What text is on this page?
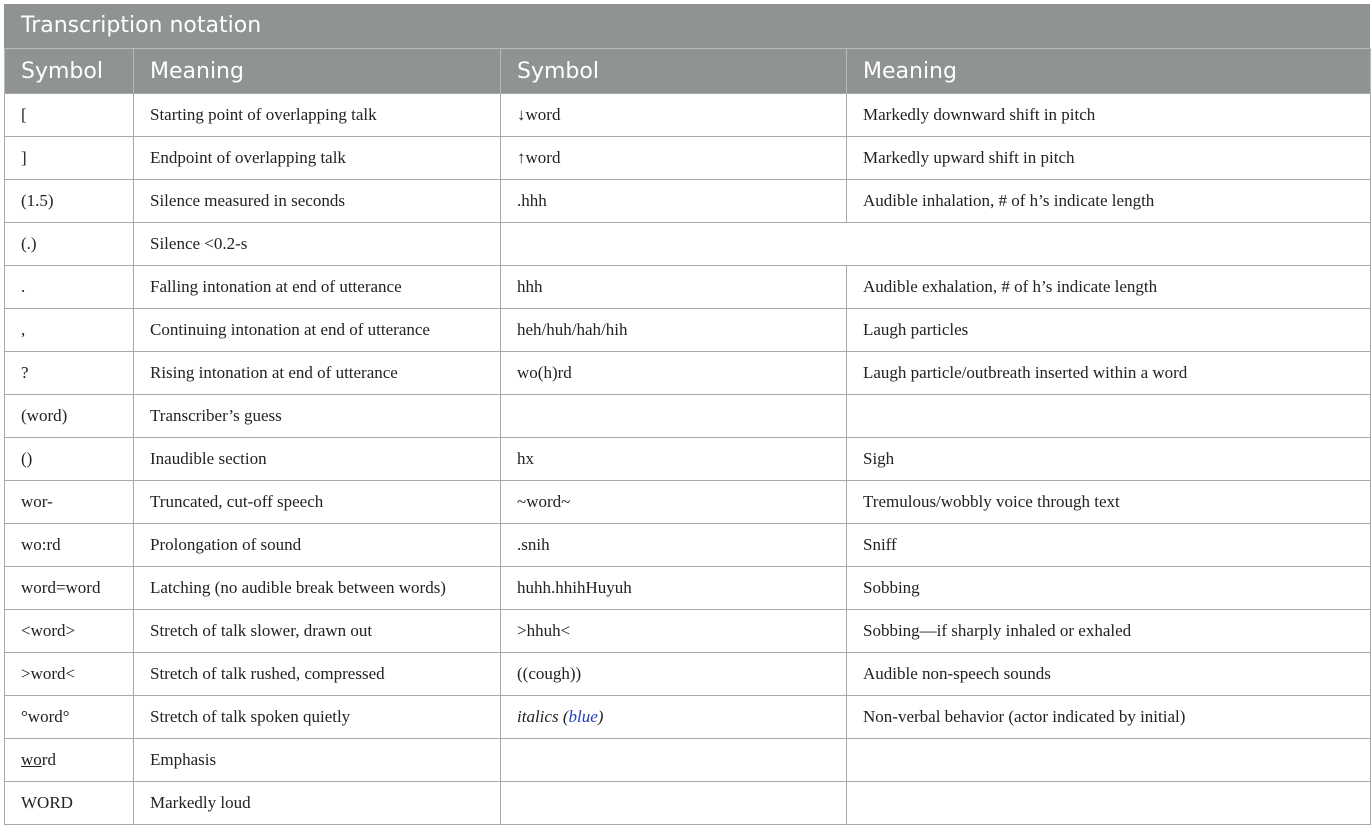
Transcription notation
Symbol	Meaning	Symbol	Meaning
[	Starting point of overlapping talk	↓word	Markedly downward shift in pitch
]	Endpoint of overlapping talk	↑word	Markedly upward shift in pitch
(1.5)	Silence measured in seconds	.hhh	Audible inhalation, # of h’s indicate length
(.)	Silence <0.2-s		
.	Falling intonation at end of utterance	hhh	Audible exhalation, # of h’s indicate length
,	Continuing intonation at end of utterance	heh/huh/hah/hih	Laugh particles
?	Rising intonation at end of utterance	wo(h)rd	Laugh particle/outbreath inserted within a word
(word)	Transcriber’s guess		
()	Inaudible section	hx	Sigh
wor-	Truncated, cut-off speech	~word~	Tremulous/wobbly voice through text
wo:rd	Prolongation of sound	.snih	Sniff
word=word	Latching (no audible break between words)	huhh.hhihHuyuh	Sobbing
<word>	Stretch of talk slower, drawn out	>hhuh<	Sobbing—if sharply inhaled or exhaled
>word<	Stretch of talk rushed, compressed	((cough))	Audible non-speech sounds
°word°	Stretch of talk spoken quietly	italics (blue)	Non-verbal behavior (actor indicated by initial)
word	Emphasis		
WORD	Markedly loud		
